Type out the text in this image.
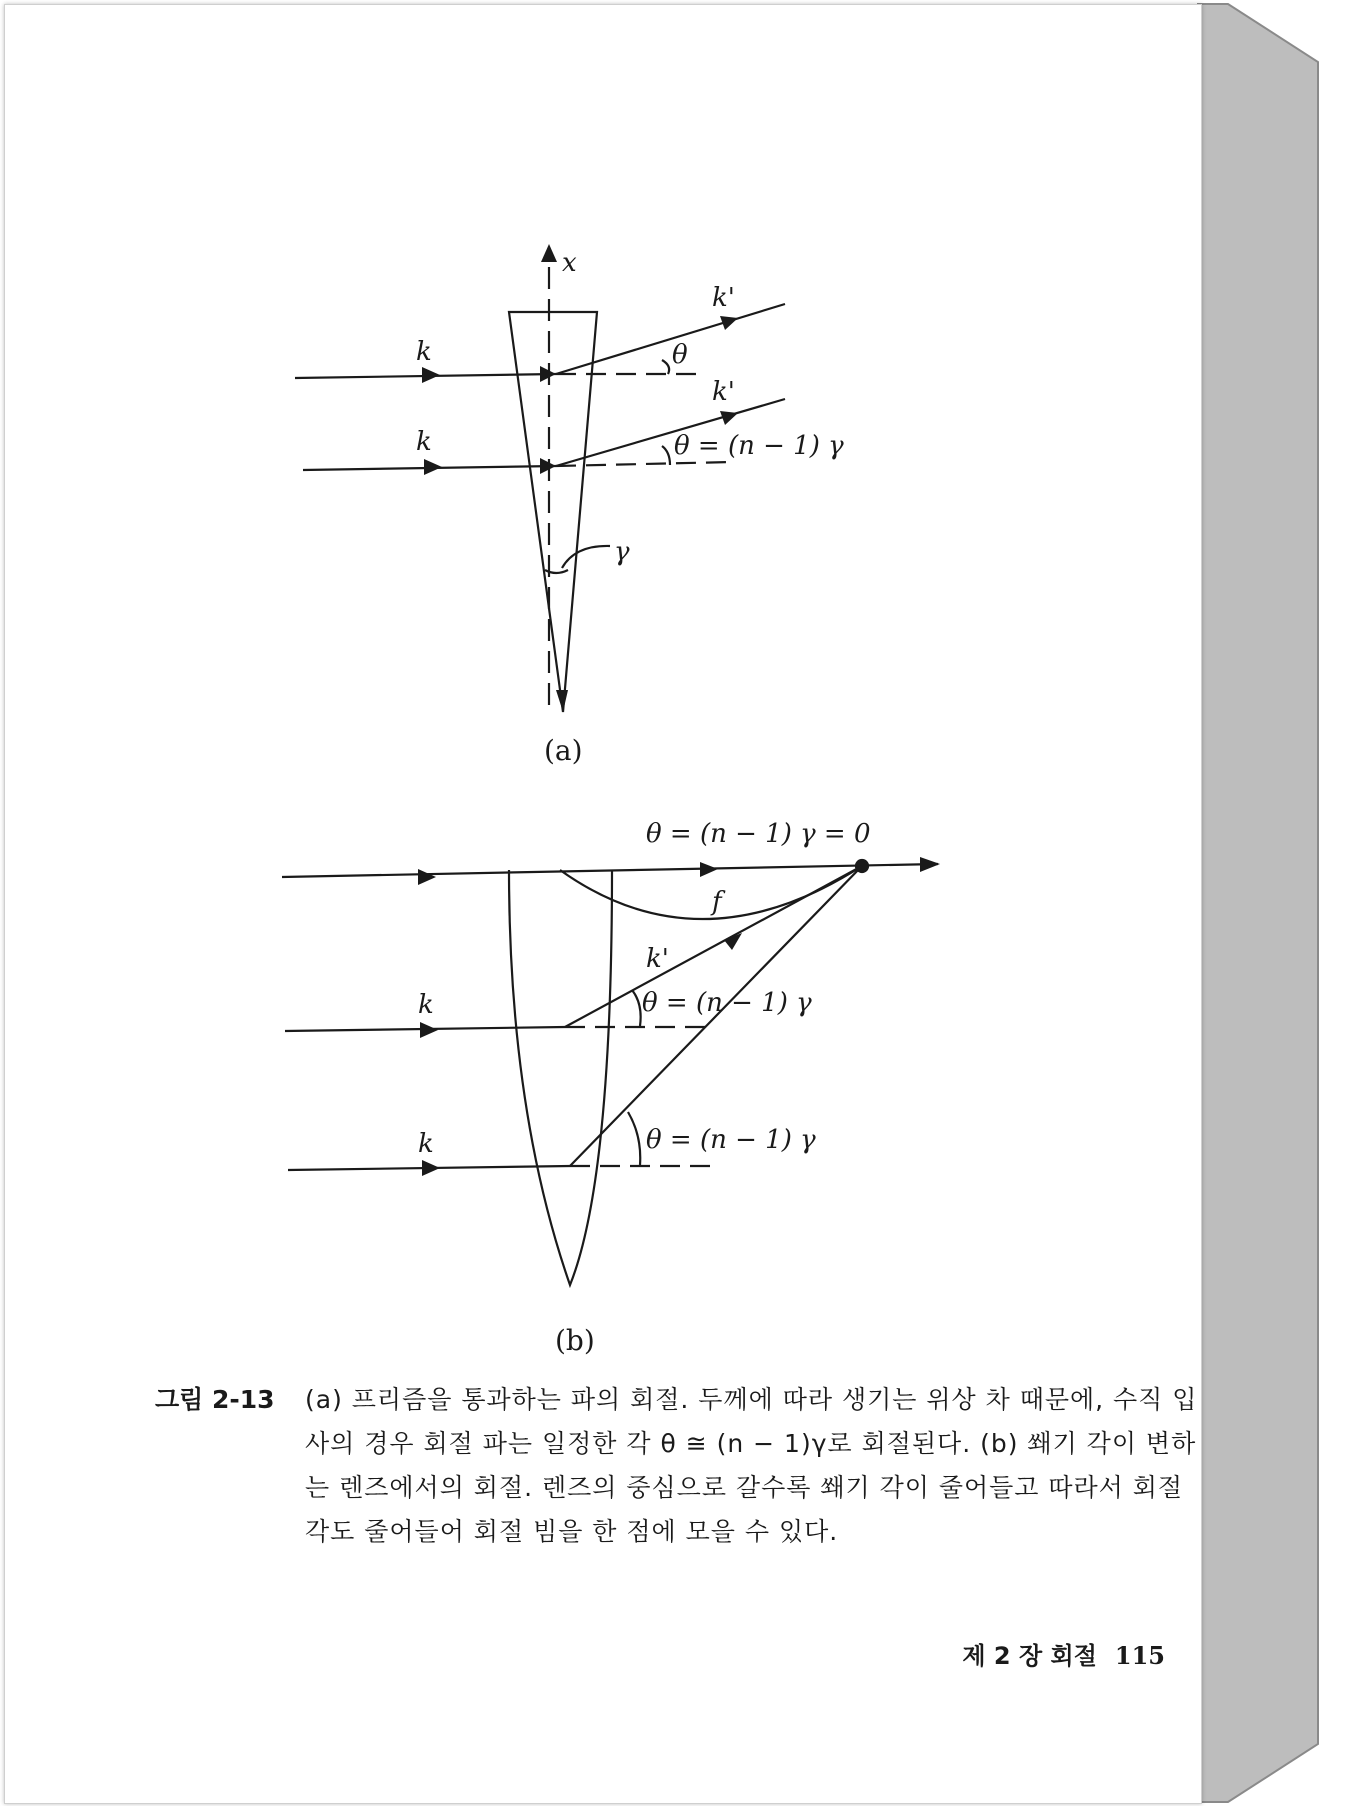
x
k
k
k'
k'
θ
θ = (n − 1) γ
γ
(a)
θ = (n − 1) γ = 0
f
k'
k
k
θ = (n − 1) γ
θ = (n − 1) γ
(b)
그림 2-13	(a) 프리즘을 통과하는 파의 회절. 두께에 따라 생기는 위상 차 때문에, 수직 입사의 경우 회절 파는 일정한 각 θ ≅ (n − 1)γ로 회절된다. (b) 쐐기 각이 변하는 렌즈에서의 회절. 렌즈의 중심으로 갈수록 쐐기 각이 줄어들고 따라서 회절 각도 줄어들어 회절 빔을 한 점에 모을 수 있다.
제 2 장 회절 115
